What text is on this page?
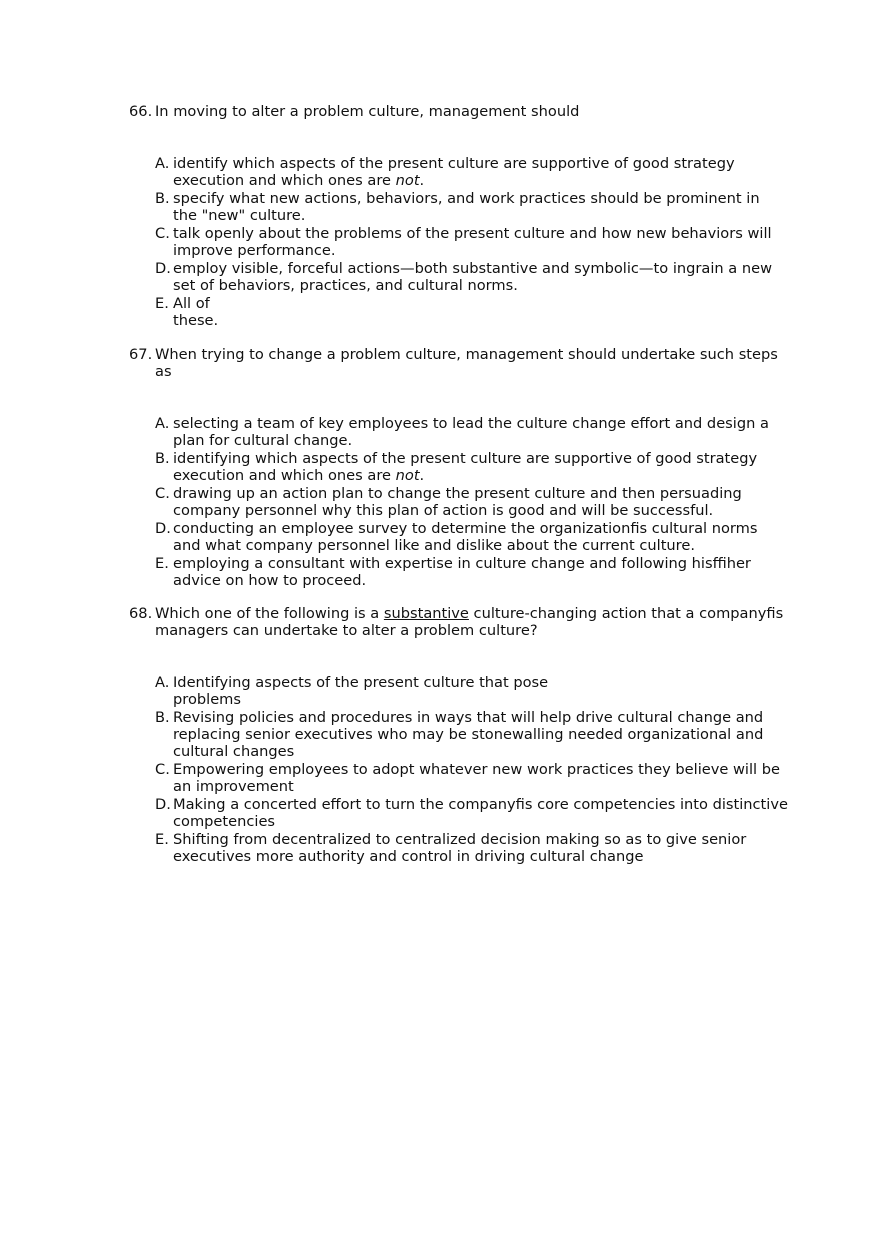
66. In moving to alter a problem culture, management should
A. identify which aspects of the present culture are supportive of good strategy execution and which ones are not.
B. specify what new actions, behaviors, and work practices should be prominent in the "new" culture.
C. talk openly about the problems of the present culture and how new behaviors will improve performance.
D. employ visible, forceful actions—both substantive and symbolic—to ingrain a new set of behaviors, practices, and cultural norms.
E. All of
these.
67. When trying to change a problem culture, management should undertake such steps as
A. selecting a team of key employees to lead the culture change effort and design a plan for cultural change.
B. identifying which aspects of the present culture are supportive of good strategy execution and which ones are not.
C. drawing up an action plan to change the present culture and then persuading company personnel why this plan of action is good and will be successful.
D. conducting an employee survey to determine the organizationfis cultural norms and what company personnel like and dislike about the current culture.
E. employing a consultant with expertise in culture change and following hisffiher advice on how to proceed.
68. Which one of the following is a substantive culture-changing action that a companyfis managers can undertake to alter a problem culture?
A. Identifying aspects of the present culture that pose
problems
B. Revising policies and procedures in ways that will help drive cultural change and replacing senior executives who may be stonewalling needed organizational and cultural changes
C. Empowering employees to adopt whatever new work practices they believe will be an improvement
D. Making a concerted effort to turn the companyfis core competencies into distinctive competencies
E. Shifting from decentralized to centralized decision making so as to give senior executives more authority and control in driving cultural change
